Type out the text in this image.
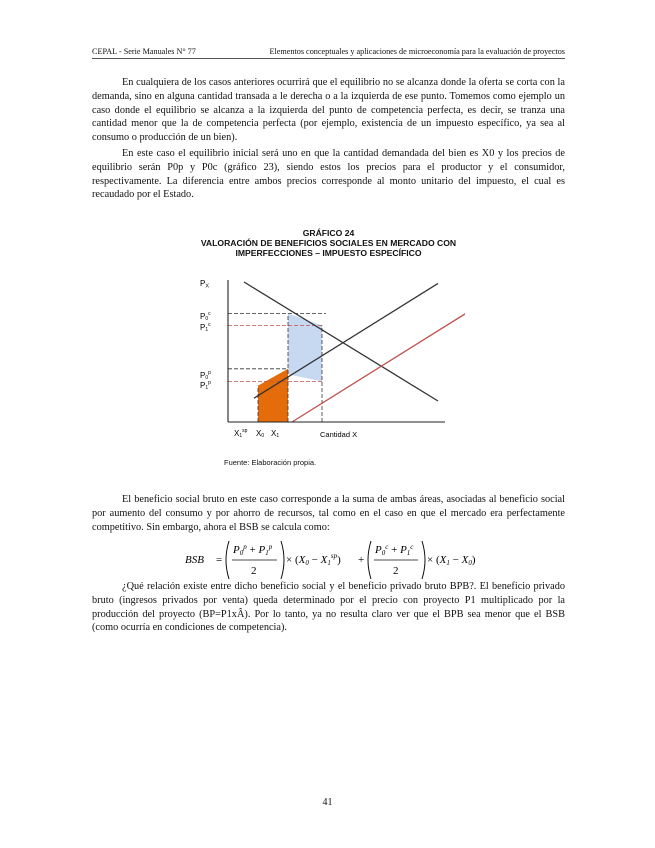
CEPAL - Serie Manuales N° 77	Elementos conceptuales y aplicaciones de microeconomía para la evaluación de proyectos

En cualquiera de los casos anteriores ocurrirá que el equilibrio no se alcanza donde la oferta se corta con la demanda, sino en alguna cantidad transada a le derecha o a la izquierda de ese punto. Tomemos como ejemplo un caso donde el equilibrio se alcanza a la izquierda del punto de competencia perfecta, es decir, se tranza una cantidad menor que la de competencia perfecta (por ejemplo, existencia de un impuesto específico, ya sea al consumo o producción de un bien).

En este caso el equilibrio inicial será uno en que la cantidad demandada del bien es X0 y los precios de equilibrio serán P0p y P0c (gráfico 23), siendo estos los precios para el productor y el consumidor, respectivamente. La diferencia entre ambos precios corresponde al monto unitario del impuesto, el cual es recaudado por el Estado.

GRÁFICO 24

VALORACIÓN DE BENEFICIOS SOCIALES EN MERCADO CON

IMPERFECCIONES – IMPUESTO ESPECÍFICO

PX
Cantidad X
P0$^c$
P1$^c$
P0$^p$
P1$^p$
$X1^{sp}$ X0 X1
Fuente: Elaboración propia.

El beneficio social bruto en este caso corresponde a la suma de ambas áreas, asociadas al beneficio social por aumento del consumo y por ahorro de recursos, tal como en el caso en que el mercado era perfectamente competitivo. Sin embargo, ahora el BSB se calcula como:

BSB =
$P0^p + P1^p$
2
× $(X0 - X1^{sp})$ +
$P0^c + P1^c$
2
× (X1 − X0)

¿Qué relación existe entre dicho beneficio social y el beneficio privado bruto BPB?. El beneficio privado bruto (ingresos privados por venta) queda determinado por el precio con proyecto P1 multiplicado por la producción del proyecto (BP=P1xÂ). Por lo tanto, ya no resulta claro ver que el BPB sea menor que el BSB (como ocurría en condiciones de competencia).

41
